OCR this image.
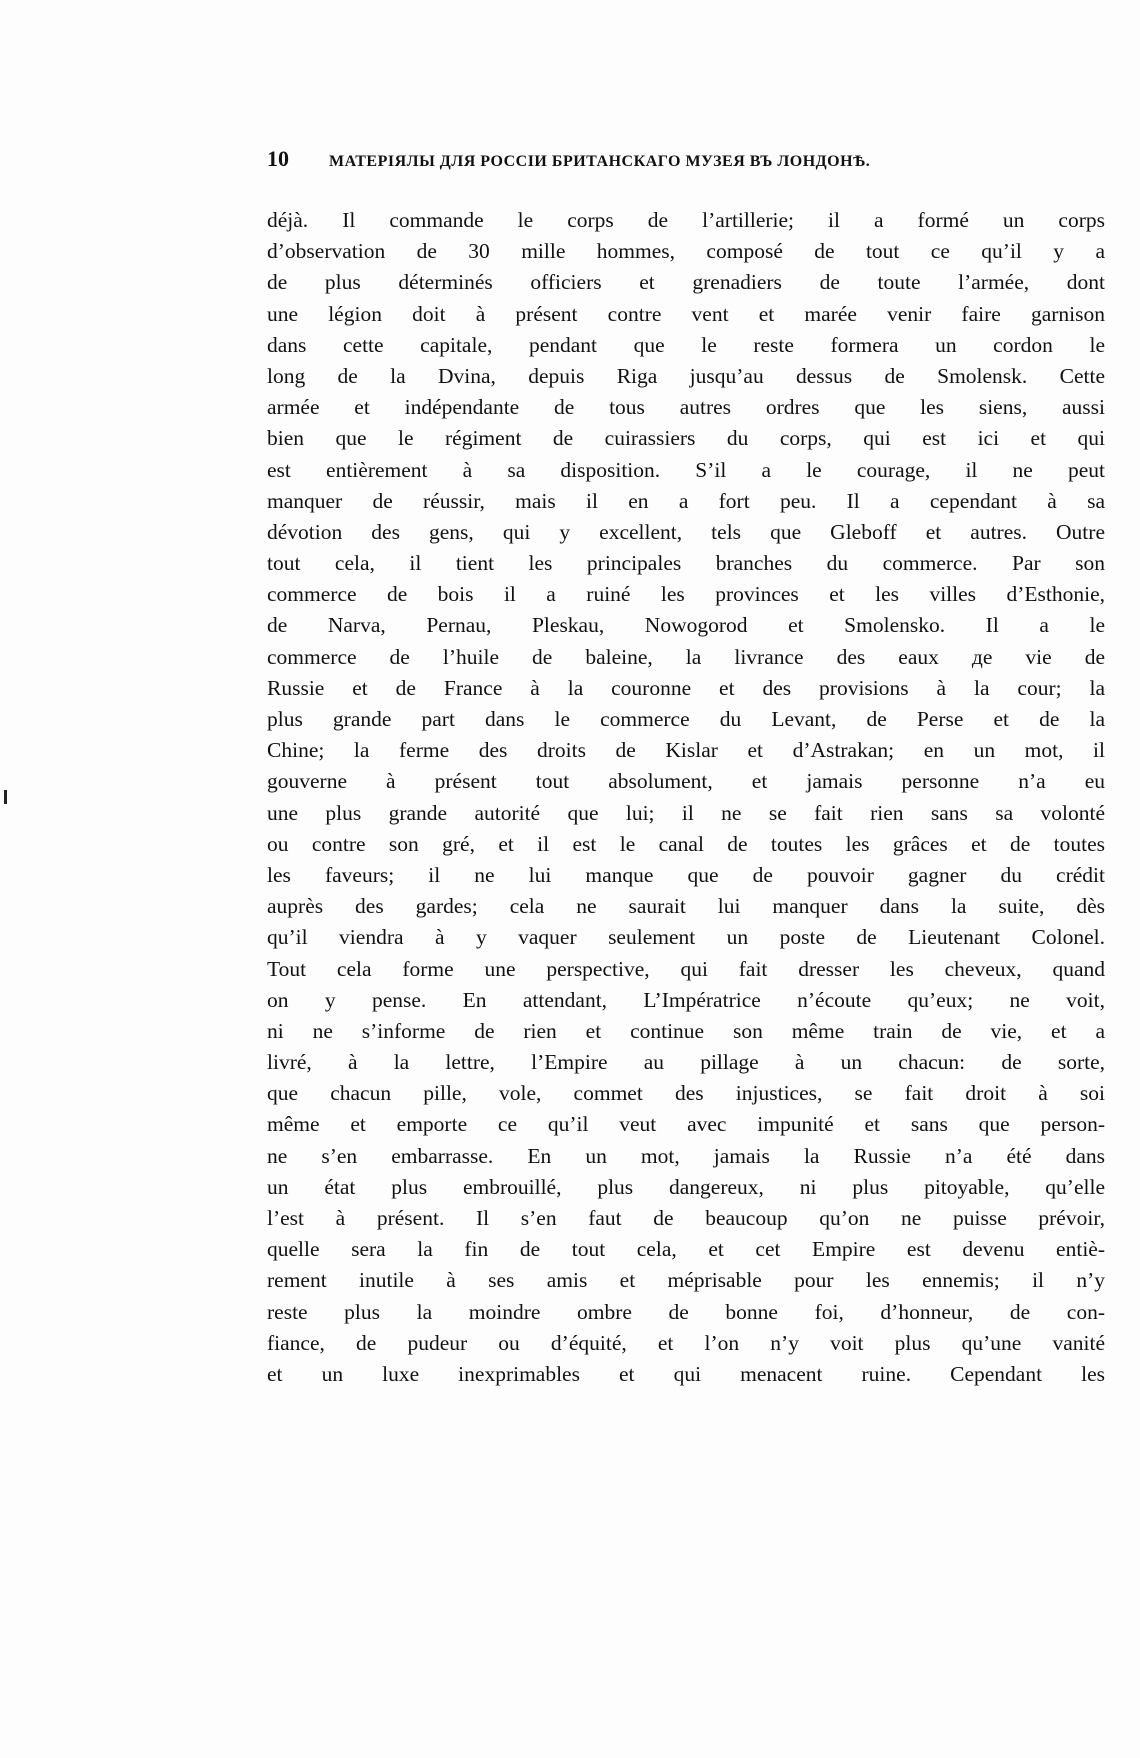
10	МАТЕРІЯЛЫ ДЛЯ РОССІИ БРИТАНСКАГО МУЗЕЯ ВЪ ЛОНДОНѢ.
déjà. Il commande le corps de l’artillerie; il a formé un corps
d’observation de 30 mille hommes, composé de tout ce qu’il y a
de plus déterminés officiers et grenadiers de toute l’armée, dont
une légion doit à présent contre vent et marée venir faire garnison
dans cette capitale, pendant que le reste formera un cordon le
long de la Dvina, depuis Riga jusqu’au dessus de Smolensk. Cette
armée et indépendante de tous autres ordres que les siens, aussi
bien que le régiment de cuirassiers du corps, qui est ici et qui
est entièrement à sa disposition. S’il a le courage, il ne peut
manquer de réussir, mais il en a fort peu. Il a cependant à sa
dévotion des gens, qui y excellent, tels que Gleboff et autres. Outre
tout cela, il tient les principales branches du commerce. Par son
commerce de bois il a ruiné les provinces et les villes d’Esthonie,
de Narva, Pernau, Pleskau, Nowogorod et Smolensko. Il a le
commerce de l’huile de baleine, la livrance des eaux де vie de
Russie et de France à la couronne et des provisions à la cour; la
plus grande part dans le commerce du Levant, de Perse et de la
Chine; la ferme des droits de Kislar et d’Astrakan; en un mot, il
gouverne à présent tout absolument, et jamais personne n’a eu
une plus grande autorité que lui; il ne se fait rien sans sa volonté
ou contre son gré, et il est le canal de toutes les grâces et de toutes
les faveurs; il ne lui manque que de pouvoir gagner du crédit
auprès des gardes; cela ne saurait lui manquer dans la suite, dès
qu’il viendra à y vaquer seulement un poste de Lieutenant Colonel.
Tout cela forme une perspective, qui fait dresser les cheveux, quand
on y pense. En attendant, L’Impératrice n’écoute qu’eux; ne voit,
ni ne s’informe de rien et continue son même train de vie, et a
livré, à la lettre, l’Empire au pillage à un chacun: de sorte,
que chacun pille, vole, commet des injustices, se fait droit à soi
même et emporte ce qu’il veut avec impunité et sans que person-
ne s’en embarrasse. En un mot, jamais la Russie n’a été dans
un état plus embrouillé, plus dangereux, ni plus pitoyable, qu’elle
l’est à présent. Il s’en faut de beaucoup qu’on ne puisse prévoir,
quelle sera la fin de tout cela, et cet Empire est devenu entiè-
rement inutile à ses amis et méprisable pour les ennemis; il n’y
reste plus la moindre ombre de bonne foi, d’honneur, de con-
fiance, de pudeur ou d’équité, et l’on n’y voit plus qu’une vanité
et un luxe inexprimables et qui menacent ruine. Cependant les
